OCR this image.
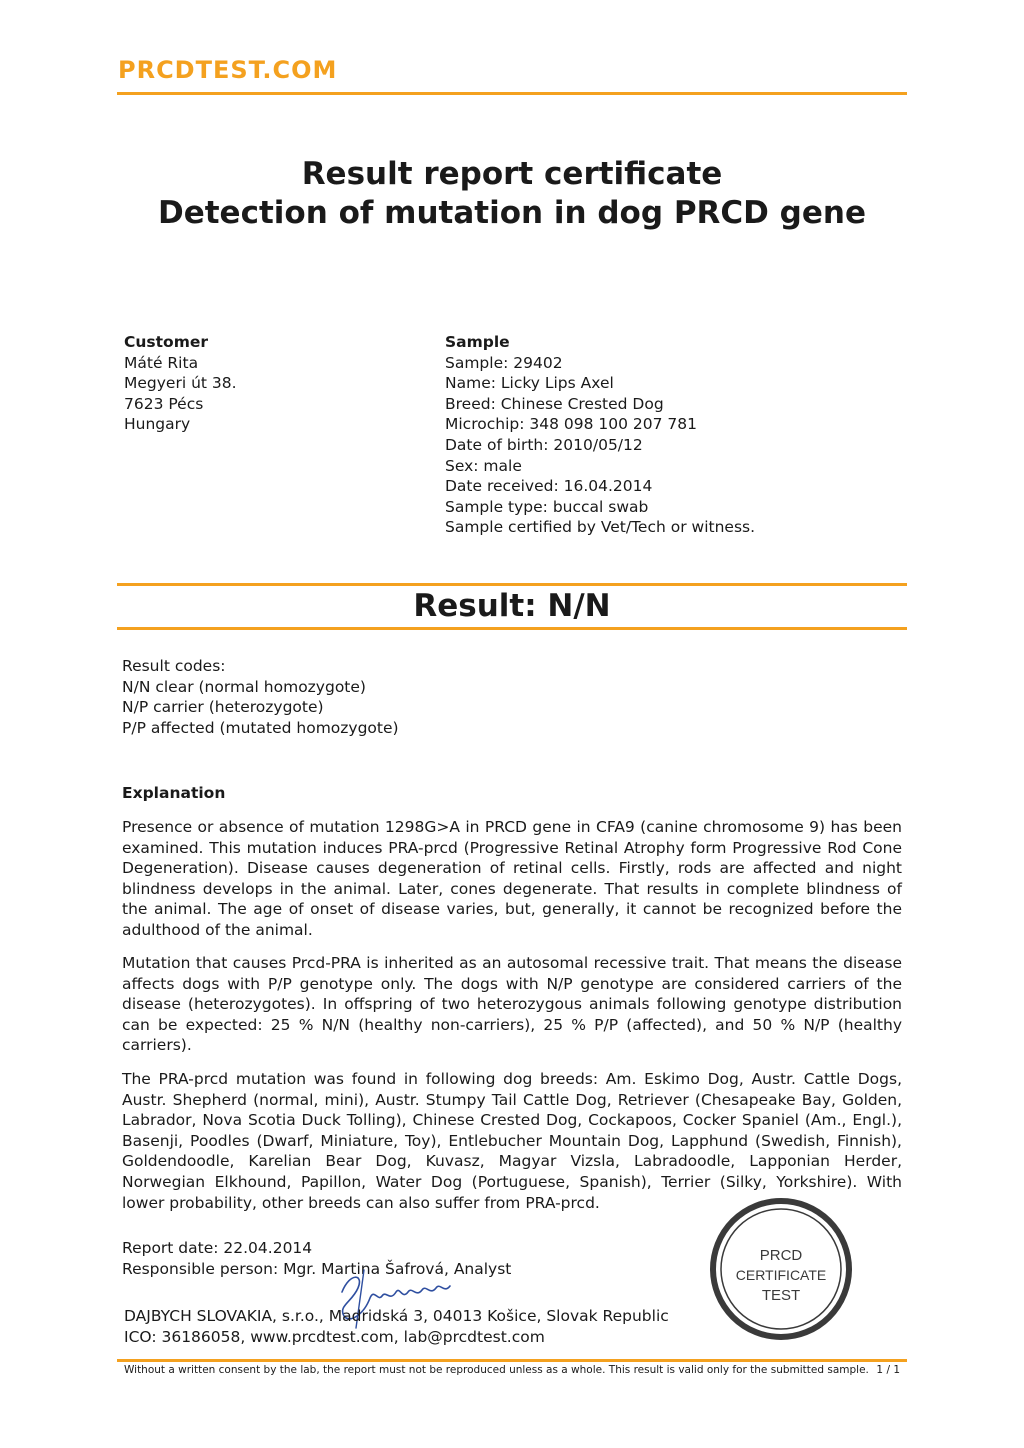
PRCDTEST.COM
Result report certificate
Detection of mutation in dog PRCD gene
Customer
Máté Rita
Megyeri út 38.
7623 Pécs
Hungary
Sample
Sample: 29402
Name: Licky Lips Axel
Breed: Chinese Crested Dog
Microchip: 348 098 100 207 781
Date of birth: 2010/05/12
Sex: male
Date received: 16.04.2014
Sample type: buccal swab
Sample certified by Vet/Tech or witness.
Result: N/N
Result codes:
N/N clear (normal homozygote)
N/P carrier (heterozygote)
P/P affected (mutated homozygote)
Explanation
Presence or absence of mutation 1298G>A in PRCD gene in CFA9 (canine chromosome 9) has been examined. This mutation induces PRA-prcd (Progressive Retinal Atrophy form Progressive Rod Cone Degeneration). Disease causes degeneration of retinal cells. Firstly, rods are affected and night blindness develops in the animal. Later, cones degenerate. That results in complete blindness of the animal. The age of onset of disease varies, but, generally, it cannot be recognized before the adulthood of the animal.
Mutation that causes Prcd-PRA is inherited as an autosomal recessive trait. That means the disease affects dogs with P/P genotype only. The dogs with N/P genotype are considered carriers of the disease (heterozygotes). In offspring of two heterozygous animals following genotype distribution can be expected: 25 % N/N (healthy non-carriers), 25 % P/P (affected), and 50 % N/P (healthy carriers).
The PRA-prcd mutation was found in following dog breeds: Am. Eskimo Dog, Austr. Cattle Dogs, Austr. Shepherd (normal, mini), Austr. Stumpy Tail Cattle Dog, Retriever (Chesapeake Bay, Golden, Labrador, Nova Scotia Duck Tolling), Chinese Crested Dog, Cockapoos, Cocker Spaniel (Am., Engl.), Basenji, Poodles (Dwarf, Miniature, Toy), Entlebucher Mountain Dog, Lapphund (Swedish, Finnish), Goldendoodle, Karelian Bear Dog, Kuvasz, Magyar Vizsla, Labradoodle, Lapponian Herder, Norwegian Elkhound, Papillon, Water Dog (Portuguese, Spanish), Terrier (Silky, Yorkshire). With lower probability, other breeds can also suffer from PRA-prcd.
Report date: 22.04.2014
Responsible person: Mgr. Martina Šafrová, Analyst
DAJBYCH SLOVAKIA, s.r.o., Madridská 3, 04013 Košice, Slovak Republic
ICO: 36186058, www.prcdtest.com, lab@prcdtest.com
PRCD
CERTIFICATE
TEST
Without a written consent by the lab, the report must not be reproduced unless as a whole. This result is valid only for the submitted sample. 1 / 1
